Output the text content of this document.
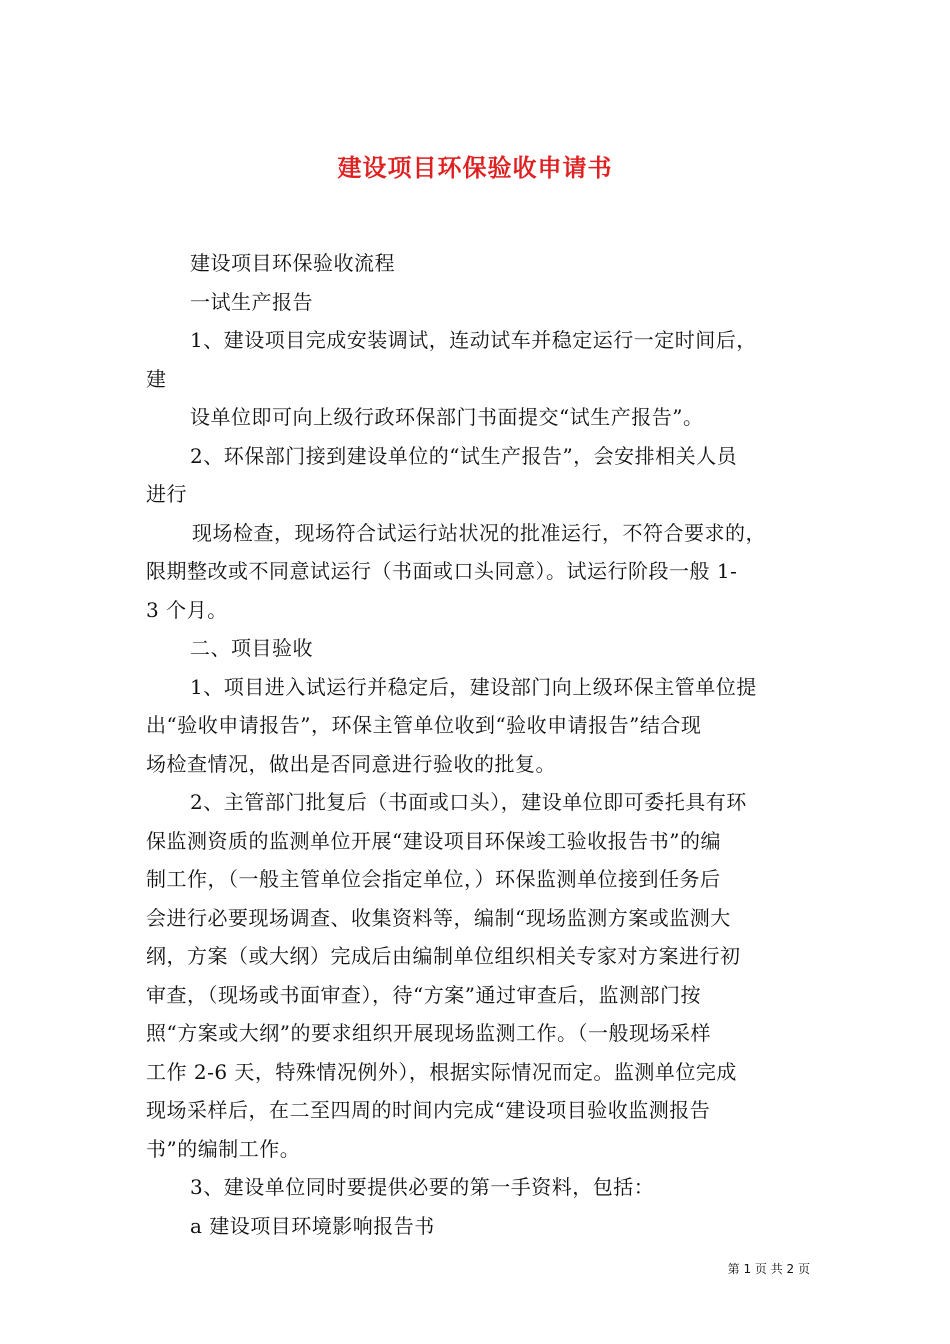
建设项目环保验收申请书

建设项目环保验收流程

一试生产报告

1、建设项目完成安装调试，连动试车并稳定运行一定时间后，

建

设单位即可向上级行政环保部门书面提交“试生产报告”。

2、环保部门接到建设单位的“试生产报告”，会安排相关人员

进行

现场检查，现场符合试运行站状况的批准运行，不符合要求的，

限期整改或不同意试运行（书面或口头同意）。试运行阶段一般 1-

3 个月。

二、项目验收

1、项目进入试运行并稳定后，建设部门向上级环保主管单位提

出“验收申请报告”，环保主管单位收到“验收申请报告”结合现

场检查情况，做出是否同意进行验收的批复。

2、主管部门批复后（书面或口头），建设单位即可委托具有环

保监测资质的监测单位开展“建设项目环保竣工验收报告书”的编

制工作，（一般主管单位会指定单位，）环保监测单位接到任务后

会进行必要现场调查、收集资料等，编制“现场监测方案或监测大

纲，方案（或大纲）完成后由编制单位组织相关专家对方案进行初

审查，（现场或书面审查），待“方案”通过审查后，监测部门按

照“方案或大纲”的要求组织开展现场监测工作。（一般现场采样

工作 2-6 天，特殊情况例外），根据实际情况而定。监测单位完成

现场采样后，在二至四周的时间内完成“建设项目验收监测报告

书”的编制工作。

3、建设单位同时要提供必要的第一手资料，包括：

a 建设项目环境影响报告书

第 1 页 共 2 页
